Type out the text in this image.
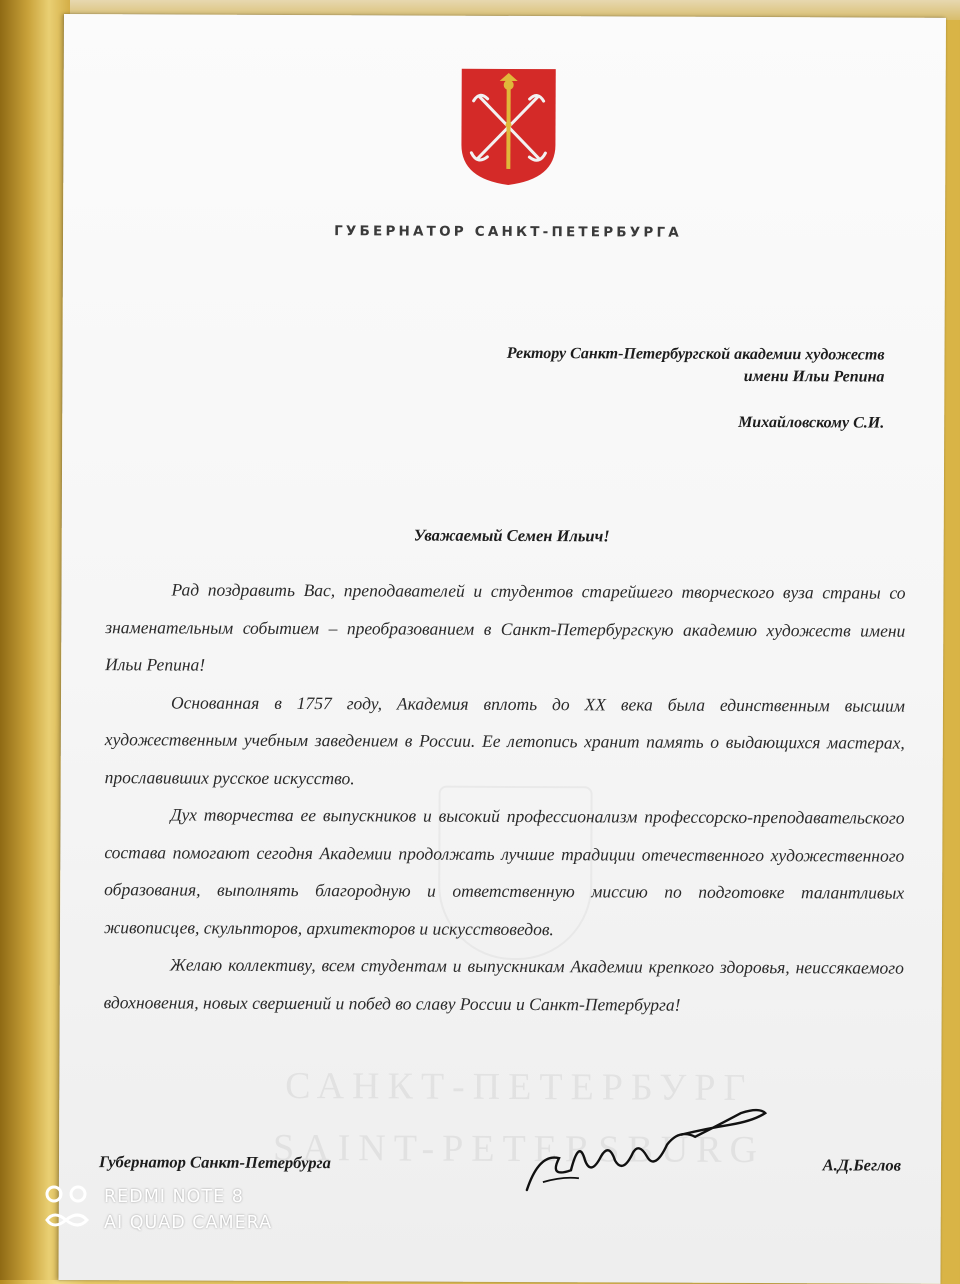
ГУБЕРНАТОР САНКТ-ПЕТЕРБУРГА
Ректору Санкт-Петербургской академии художеств
имени Ильи Репина
Михайловскому С.И.
Уважаемый Семен Ильич!

Рад поздравить Вас, преподавателей и студентов старейшего творческого вуза страны со знаменательным событием – преобразованием в Санкт-Петербургскую академию художеств имени Ильи Репина!

Основанная в 1757 году, Академия вплоть до XX века была единственным высшим художественным учебным заведением в России. Ее летопись хранит память о выдающихся мастерах, прославивших русское искусство.

Дух творчества ее выпускников и высокий профессионализм профессорско-преподавательского состава помогают сегодня Академии продолжать лучшие традиции отечественного художественного образования, выполнять благородную и ответственную миссию по подготовке талантливых живописцев, скульпторов, архитекторов и искусствоведов.

Желаю коллективу, всем студентам и выпускникам Академии крепкого здоровья, неиссякаемого вдохновения, новых свершений и побед во славу России и Санкт-Петербурга!

САНКТ-ПЕТЕРБУРГ
SAINT-PETERSBURG
Губернатор Санкт-Петербурга	А.Д.Беглов
REDMI NOTE 8
AI QUAD CAMERA
